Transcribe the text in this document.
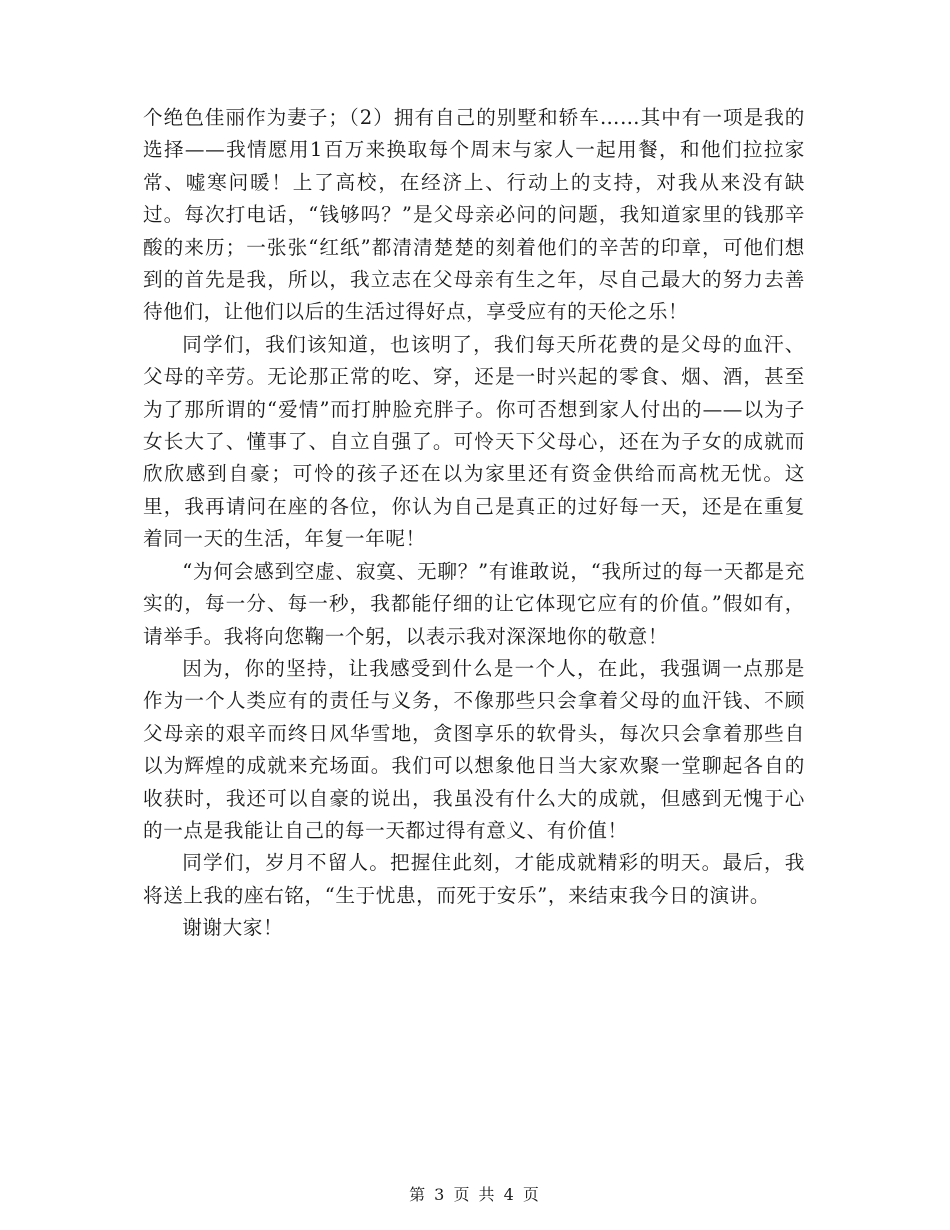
个绝色佳丽作为妻子；（2）拥有自己的别墅和轿车……其中有一项是我的选择——我情愿用1百万来换取每个周末与家人一起用餐，和他们拉拉家常、嘘寒问暖！上了高校，在经济上、行动上的支持，对我从来没有缺过。每次打电话，“钱够吗？”是父母亲必问的问题，我知道家里的钱那辛酸的来历；一张张“红纸”都清清楚楚的刻着他们的辛苦的印章，可他们想到的首先是我，所以，我立志在父母亲有生之年，尽自己最大的努力去善待他们，让他们以后的生活过得好点，享受应有的天伦之乐！

同学们，我们该知道，也该明了，我们每天所花费的是父母的血汗、父母的辛劳。无论那正常的吃、穿，还是一时兴起的零食、烟、酒，甚至为了那所谓的“爱情”而打肿脸充胖子。你可否想到家人付出的——以为子女长大了、懂事了、自立自强了。可怜天下父母心，还在为子女的成就而欣欣感到自豪；可怜的孩子还在以为家里还有资金供给而高枕无忧。这里，我再请问在座的各位，你认为自己是真正的过好每一天，还是在重复着同一天的生活，年复一年呢！

“为何会感到空虚、寂寞、无聊？”有谁敢说，“我所过的每一天都是充实的，每一分、每一秒，我都能仔细的让它体现它应有的价值。”假如有，请举手。我将向您鞠一个躬，以表示我对深深地你的敬意！

因为，你的坚持，让我感受到什么是一个人，在此，我强调一点那是作为一个人类应有的责任与义务，不像那些只会拿着父母的血汗钱、不顾父母亲的艰辛而终日风华雪地，贪图享乐的软骨头，每次只会拿着那些自以为辉煌的成就来充场面。我们可以想象他日当大家欢聚一堂聊起各自的收获时，我还可以自豪的说出，我虽没有什么大的成就，但感到无愧于心的一点是我能让自己的每一天都过得有意义、有价值！

同学们，岁月不留人。把握住此刻，才能成就精彩的明天。最后，我将送上我的座右铭，“生于忧患，而死于安乐”，来结束我今日的演讲。

谢谢大家！

第 3 页 共 4 页
